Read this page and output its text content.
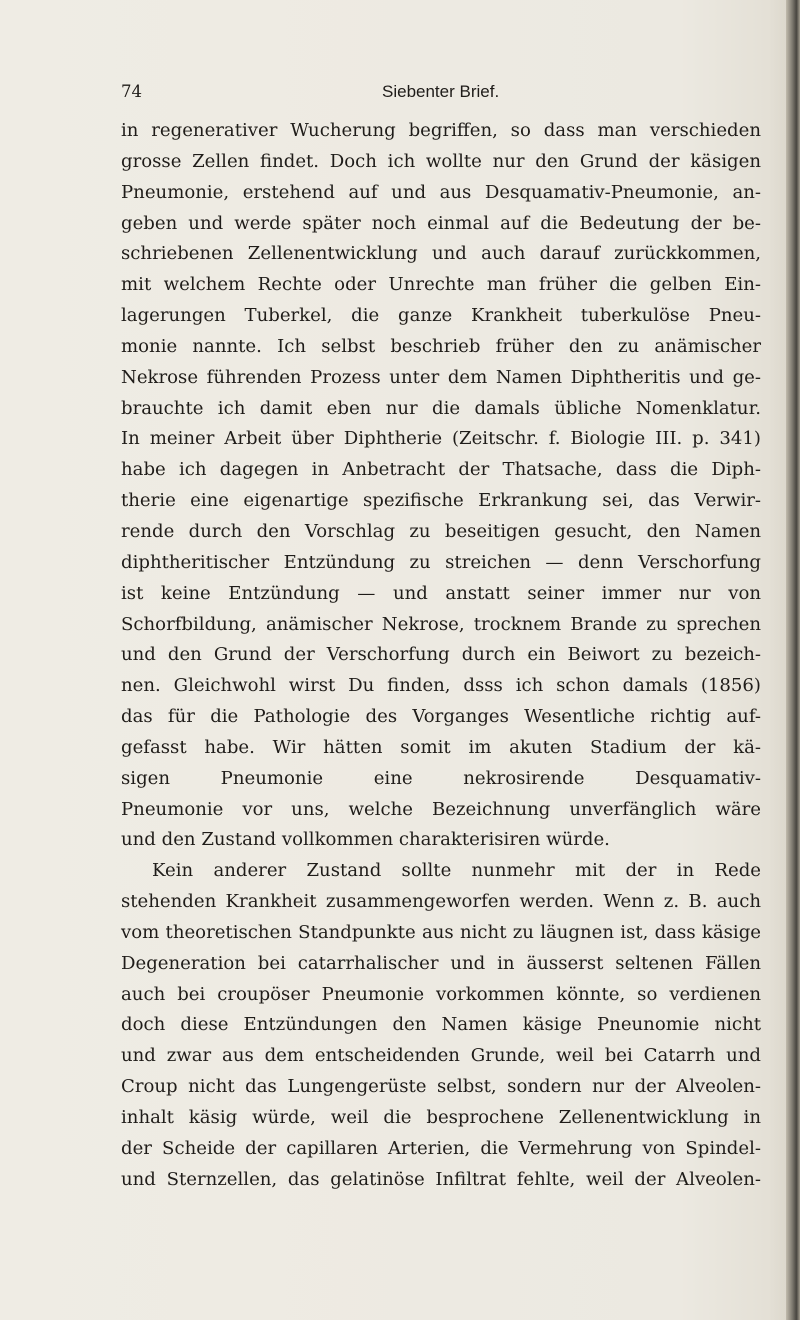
74	Siebenter Brief.
in regenerativer Wucherung begriffen, so dass man verschieden
grosse Zellen findet. Doch ich wollte nur den Grund der käsigen
Pneumonie, erstehend auf und aus Desquamativ-Pneumonie, an-
geben und werde später noch einmal auf die Bedeutung der be-
schriebenen Zellenentwicklung und auch darauf zurückkommen,
mit welchem Rechte oder Unrechte man früher die gelben Ein-
lagerungen Tuberkel, die ganze Krankheit tuberkulöse Pneu-
monie nannte. Ich selbst beschrieb früher den zu anämischer
Nekrose führenden Prozess unter dem Namen Diphtheritis und ge-
brauchte ich damit eben nur die damals übliche Nomenklatur.
In meiner Arbeit über Diphtherie (Zeitschr. f. Biologie III. p. 341)
habe ich dagegen in Anbetracht der Thatsache, dass die Diph-
therie eine eigenartige spezifische Erkrankung sei, das Verwir-
rende durch den Vorschlag zu beseitigen gesucht, den Namen
diphtheritischer Entzündung zu streichen — denn Verschorfung
ist keine Entzündung — und anstatt seiner immer nur von
Schorfbildung, anämischer Nekrose, trocknem Brande zu sprechen
und den Grund der Verschorfung durch ein Beiwort zu bezeich-
nen. Gleichwohl wirst Du finden, dsss ich schon damals (1856)
das für die Pathologie des Vorganges Wesentliche richtig auf-
gefasst habe. Wir hätten somit im akuten Stadium der kä-
sigen Pneumonie eine nekrosirende Desquamativ-
Pneumonie vor uns, welche Bezeichnung unverfänglich wäre
und den Zustand vollkommen charakterisiren würde.
Kein anderer Zustand sollte nunmehr mit der in Rede
stehenden Krankheit zusammengeworfen werden. Wenn z. B. auch
vom theoretischen Standpunkte aus nicht zu läugnen ist, dass käsige
Degeneration bei catarrhalischer und in äusserst seltenen Fällen
auch bei croupöser Pneumonie vorkommen könnte, so verdienen
doch diese Entzündungen den Namen käsige Pneunomie nicht
und zwar aus dem entscheidenden Grunde, weil bei Catarrh und
Croup nicht das Lungengerüste selbst, sondern nur der Alveolen-
inhalt käsig würde, weil die besprochene Zellenentwicklung in
der Scheide der capillaren Arterien, die Vermehrung von Spindel-
und Sternzellen, das gelatinöse Infiltrat fehlte, weil der Alveolen-
